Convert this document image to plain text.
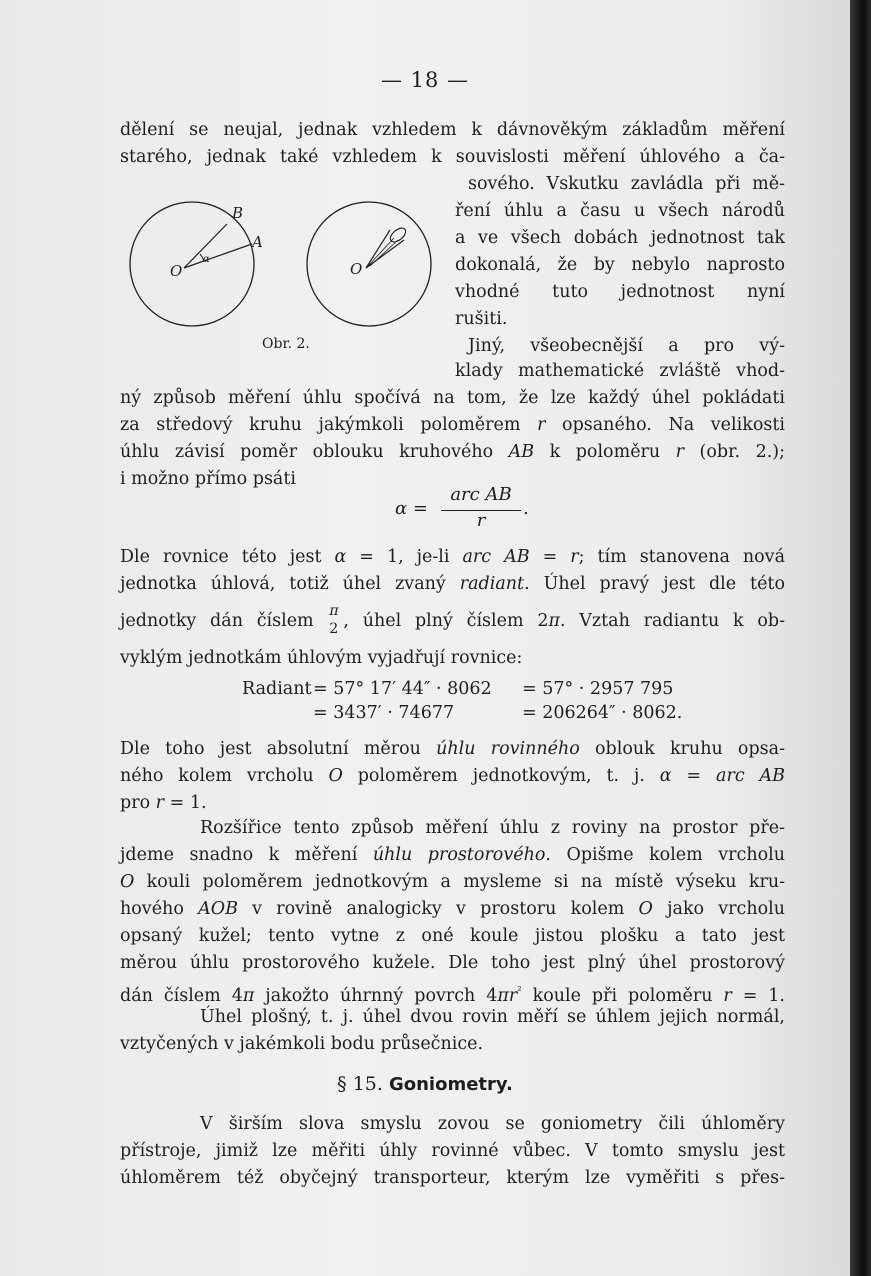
— 18 —
dělení se neujal, jednak vzhledem k dávnověkým základům měření
starého, jednak také vzhledem k souvislosti měření úhlového a ča-
sového. Vskutku zavládla při mě-
ření úhlu a času u všech národů
a ve všech dobách jednotnost tak
dokonalá, že by nebylo naprosto
vhodné tuto jednotnost nyní
rušiti.
Jiný, všeobecnější a pro vý-
klady mathematické zvláště vhod-
B
A
O
α
O
Obr. 2.
ný způsob měření úhlu spočívá na tom, že lze každý úhel pokládati
za středový kruhu jakýmkoli poloměrem r opsaného. Na velikosti
úhlu závisí poměr oblouku kruhového AB k poloměru r (obr. 2.);
i možno přímo psáti
α =
arc AB
r
.
Dle rovnice této jest α = 1, je-li arc AB = r; tím stanovena nová
jednotka úhlová, totiž úhel zvaný radiant. Úhel pravý jest dle této
jednotky dán číslem π
2 , úhel plný číslem 2π. Vztah radiantu k ob-
vyklým jednotkám úhlovým vyjadřují rovnice:
Radiant = 57° 17′ 44″ · 8062 = 57° · 2957 795
= 3437′ · 74677	= 206264″ · 8062.
Dle toho jest absolutní měrou úhlu rovinného oblouk kruhu opsa-
ného kolem vrcholu O poloměrem jednotkovým, t. j. α = arc AB
pro r = 1.
Rozšířice tento způsob měření úhlu z roviny na prostor pře-
jdeme snadno k měření úhlu prostorového. Opišme kolem vrcholu
O kouli poloměrem jednotkovým a mysleme si na místě výseku kru-
hového AOB v rovině analogicky v prostoru kolem O jako vrcholu
opsaný kužel; tento vytne z oné koule jistou plošku a tato jest
měrou úhlu prostorového kužele. Dle toho jest plný úhel prostorový
dán číslem 4π jakožto úhrnný povrch $4\pi r^{^2}$ koule při poloměru r = 1.
Úhel plošný, t. j. úhel dvou rovin měří se úhlem jejich normál,
vztyčených v jakémkoli bodu průsečnice.
§ 15. Goniometry.
V širším slova smyslu zovou se goniometry čili úhloměry
přístroje, jimiž lze měřiti úhly rovinné vůbec. V tomto smyslu jest
úhloměrem též obyčejný transporteur, kterým lze vyměřiti s přes-
